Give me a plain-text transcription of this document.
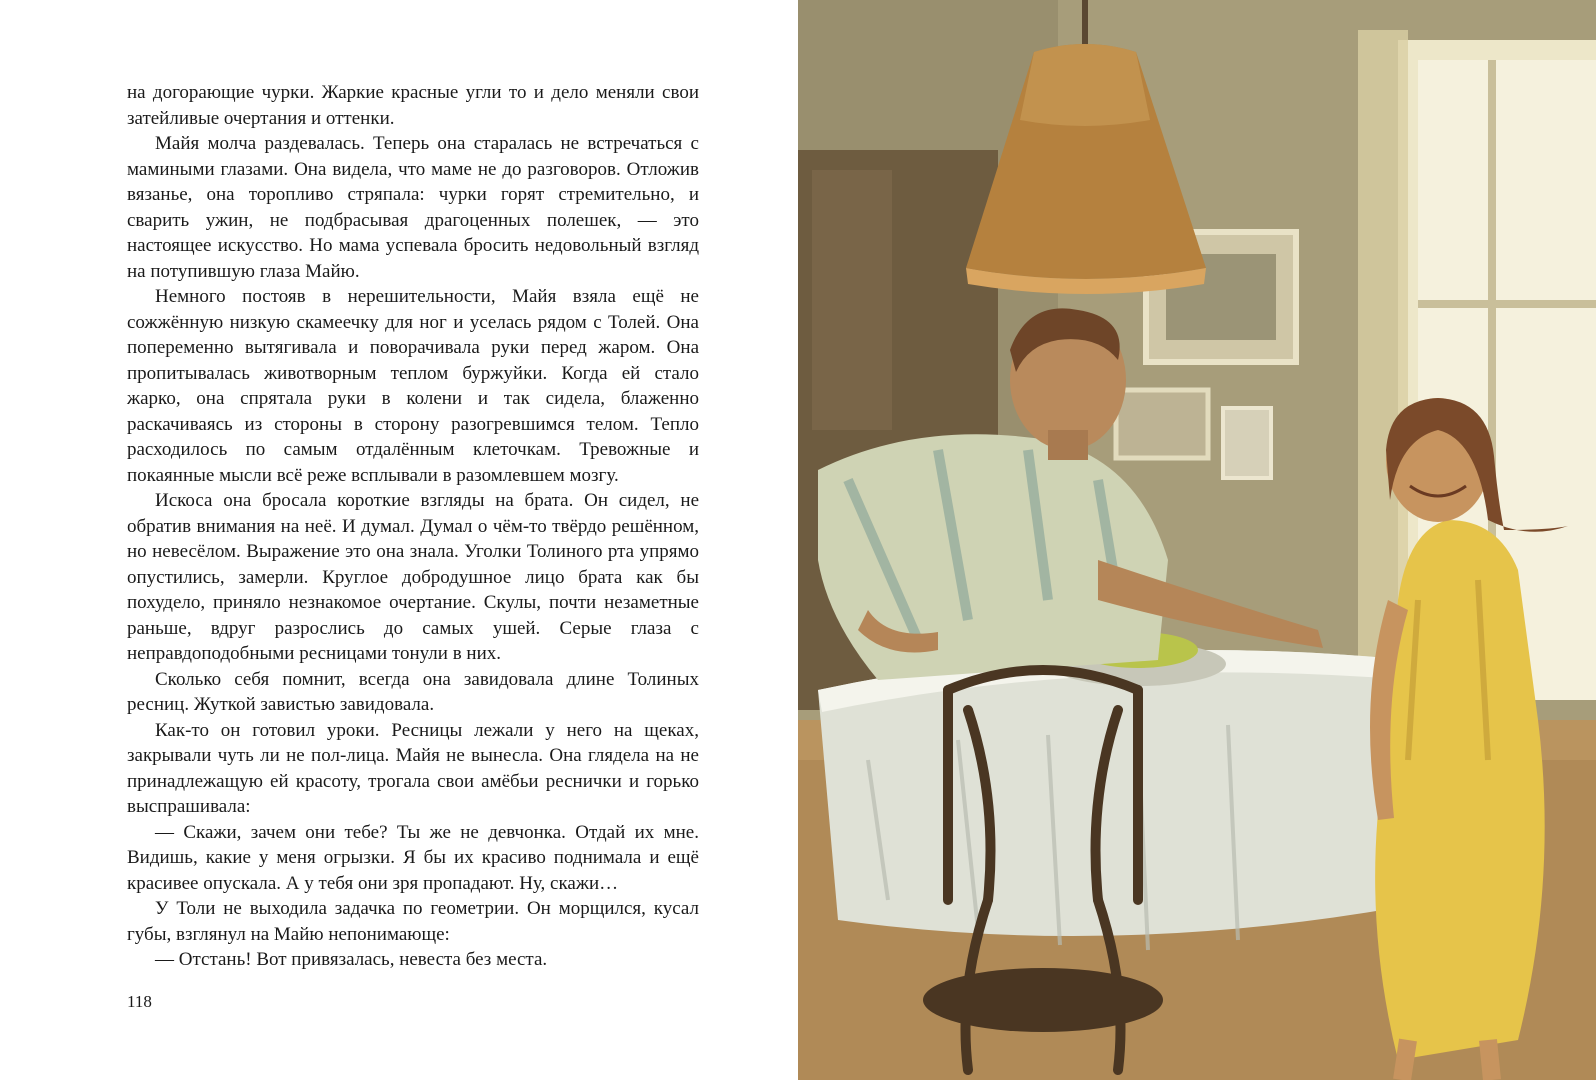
на догорающие чурки. Жаркие красные угли то и дело меняли свои затейливые очертания и оттенки.

Майя молча раздевалась. Теперь она старалась не встречаться с мамиными глазами. Она видела, что маме не до разговоров. Отложив вязанье, она торопливо стряпала: чурки горят стремительно, и сварить ужин, не подбрасывая драгоценных полешек, — это настоящее искусство. Но мама успевала бросить недовольный взгляд на потупившую глаза Майю.

Немного постояв в нерешительности, Майя взяла ещё не сожжённую низкую скамеечку для ног и уселась рядом с Толей. Она попеременно вытягивала и поворачивала руки перед жаром. Она пропитывалась животворным теплом буржуйки. Когда ей стало жарко, она спрятала руки в колени и так сидела, блаженно раскачиваясь из стороны в сторону разогревшимся телом. Тепло расходилось по самым отдалённым клеточкам. Тревожные и покаянные мысли всё реже всплывали в разомлевшем мозгу.

Искоса она бросала короткие взгляды на брата. Он сидел, не обратив внимания на неё. И думал. Думал о чём-то твёрдо решённом, но невесёлом. Выражение это она знала. Уголки Толиного рта упрямо опустились, замерли. Круглое добродушное лицо брата как бы похудело, приняло незнакомое очертание. Скулы, почти незаметные раньше, вдруг разрослись до самых ушей. Серые глаза с неправдоподобными ресницами тонули в них.

Сколько себя помнит, всегда она завидовала длине Толиных ресниц. Жуткой завистью завидовала.

Как-то он готовил уроки. Ресницы лежали у него на щеках, закрывали чуть ли не пол-лица. Майя не вынесла. Она глядела на не принадлежащую ей красоту, трогала свои амёбьи реснички и горько выспрашивала:

— Скажи, зачем они тебе? Ты же не девчонка. Отдай их мне. Видишь, какие у меня огрызки. Я бы их красиво поднимала и ещё красивее опускала. А у тебя они зря пропадают. Ну, скажи…

У Толи не выходила задачка по геометрии. Он морщился, кусал губы, взглянул на Майю непонимающе:

— Отстань! Вот привязалась, невеста без места.

118
